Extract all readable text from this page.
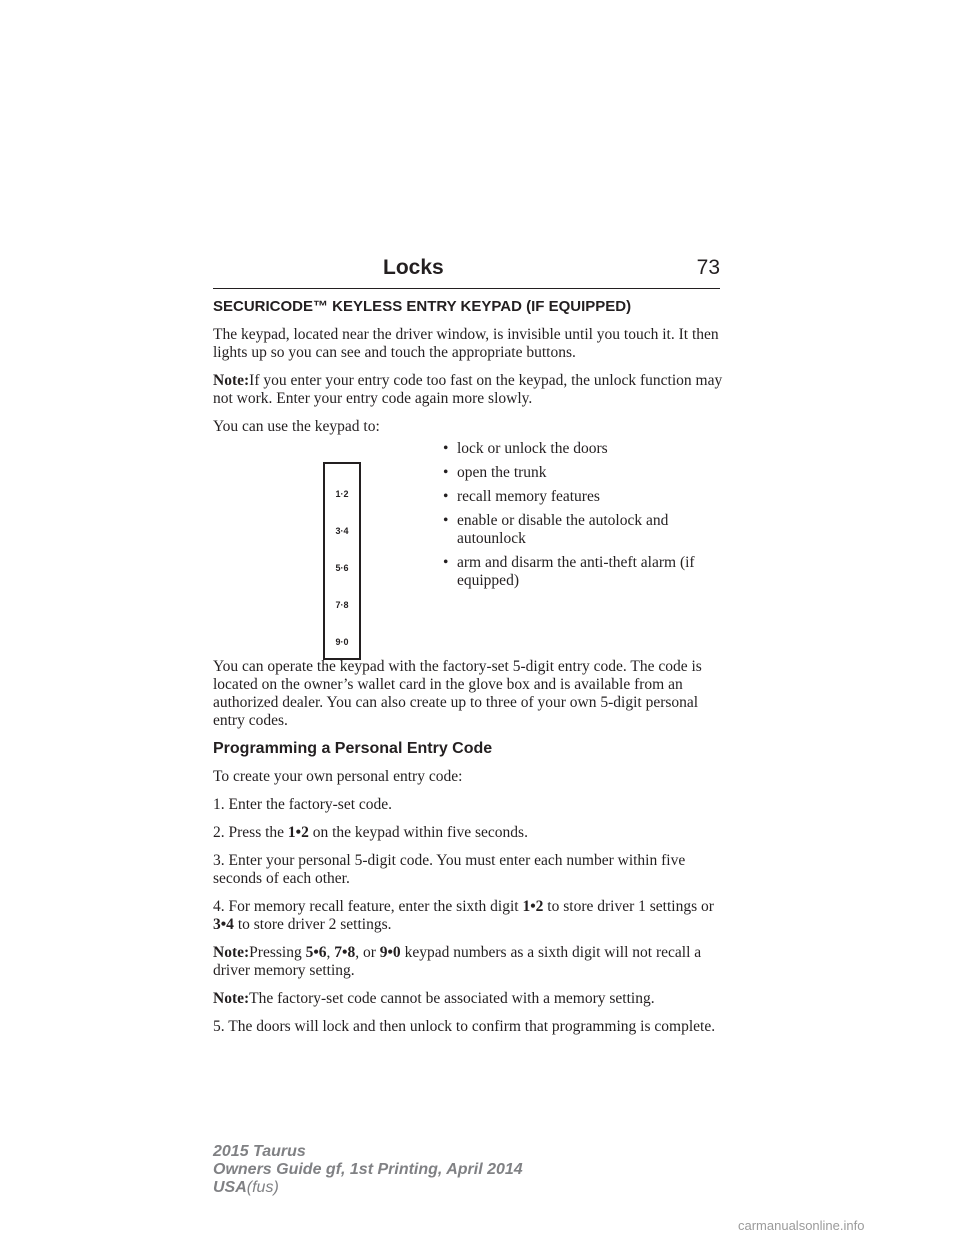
Locks	73
SECURICODE™ KEYLESS ENTRY KEYPAD (IF EQUIPPED)

The keypad, located near the driver window, is invisible until you touch it. It then lights up so you can see and touch the appropriate buttons.

Note:If you enter your entry code too fast on the keypad, the unlock function may not work. Enter your entry code again more slowly.

You can use the keypad to:

1·2
3·4
5·6
7·8
9·0
• lock or unlock the doors
• open the trunk
• recall memory features
• enable or disable the autolock and autounlock
• arm and disarm the anti-theft alarm (if equipped)

You can operate the keypad with the factory-set 5-digit entry code. The code is located on the owner’s wallet card in the glove box and is available from an authorized dealer. You can also create up to three of your own 5-digit personal entry codes.

Programming a Personal Entry Code

To create your own personal entry code:

1. Enter the factory-set code.

2. Press the 1•2 on the keypad within five seconds.

3. Enter your personal 5-digit code. You must enter each number within five seconds of each other.

4. For memory recall feature, enter the sixth digit 1•2 to store driver 1 settings or 3•4 to store driver 2 settings.

Note:Pressing 5•6, 7•8, or 9•0 keypad numbers as a sixth digit will not recall a driver memory setting.

Note:The factory-set code cannot be associated with a memory setting.

5. The doors will lock and then unlock to confirm that programming is complete.

2015 Taurus
Owners Guide gf, 1st Printing, April 2014
USA(fus)
carmanualsonline.info
